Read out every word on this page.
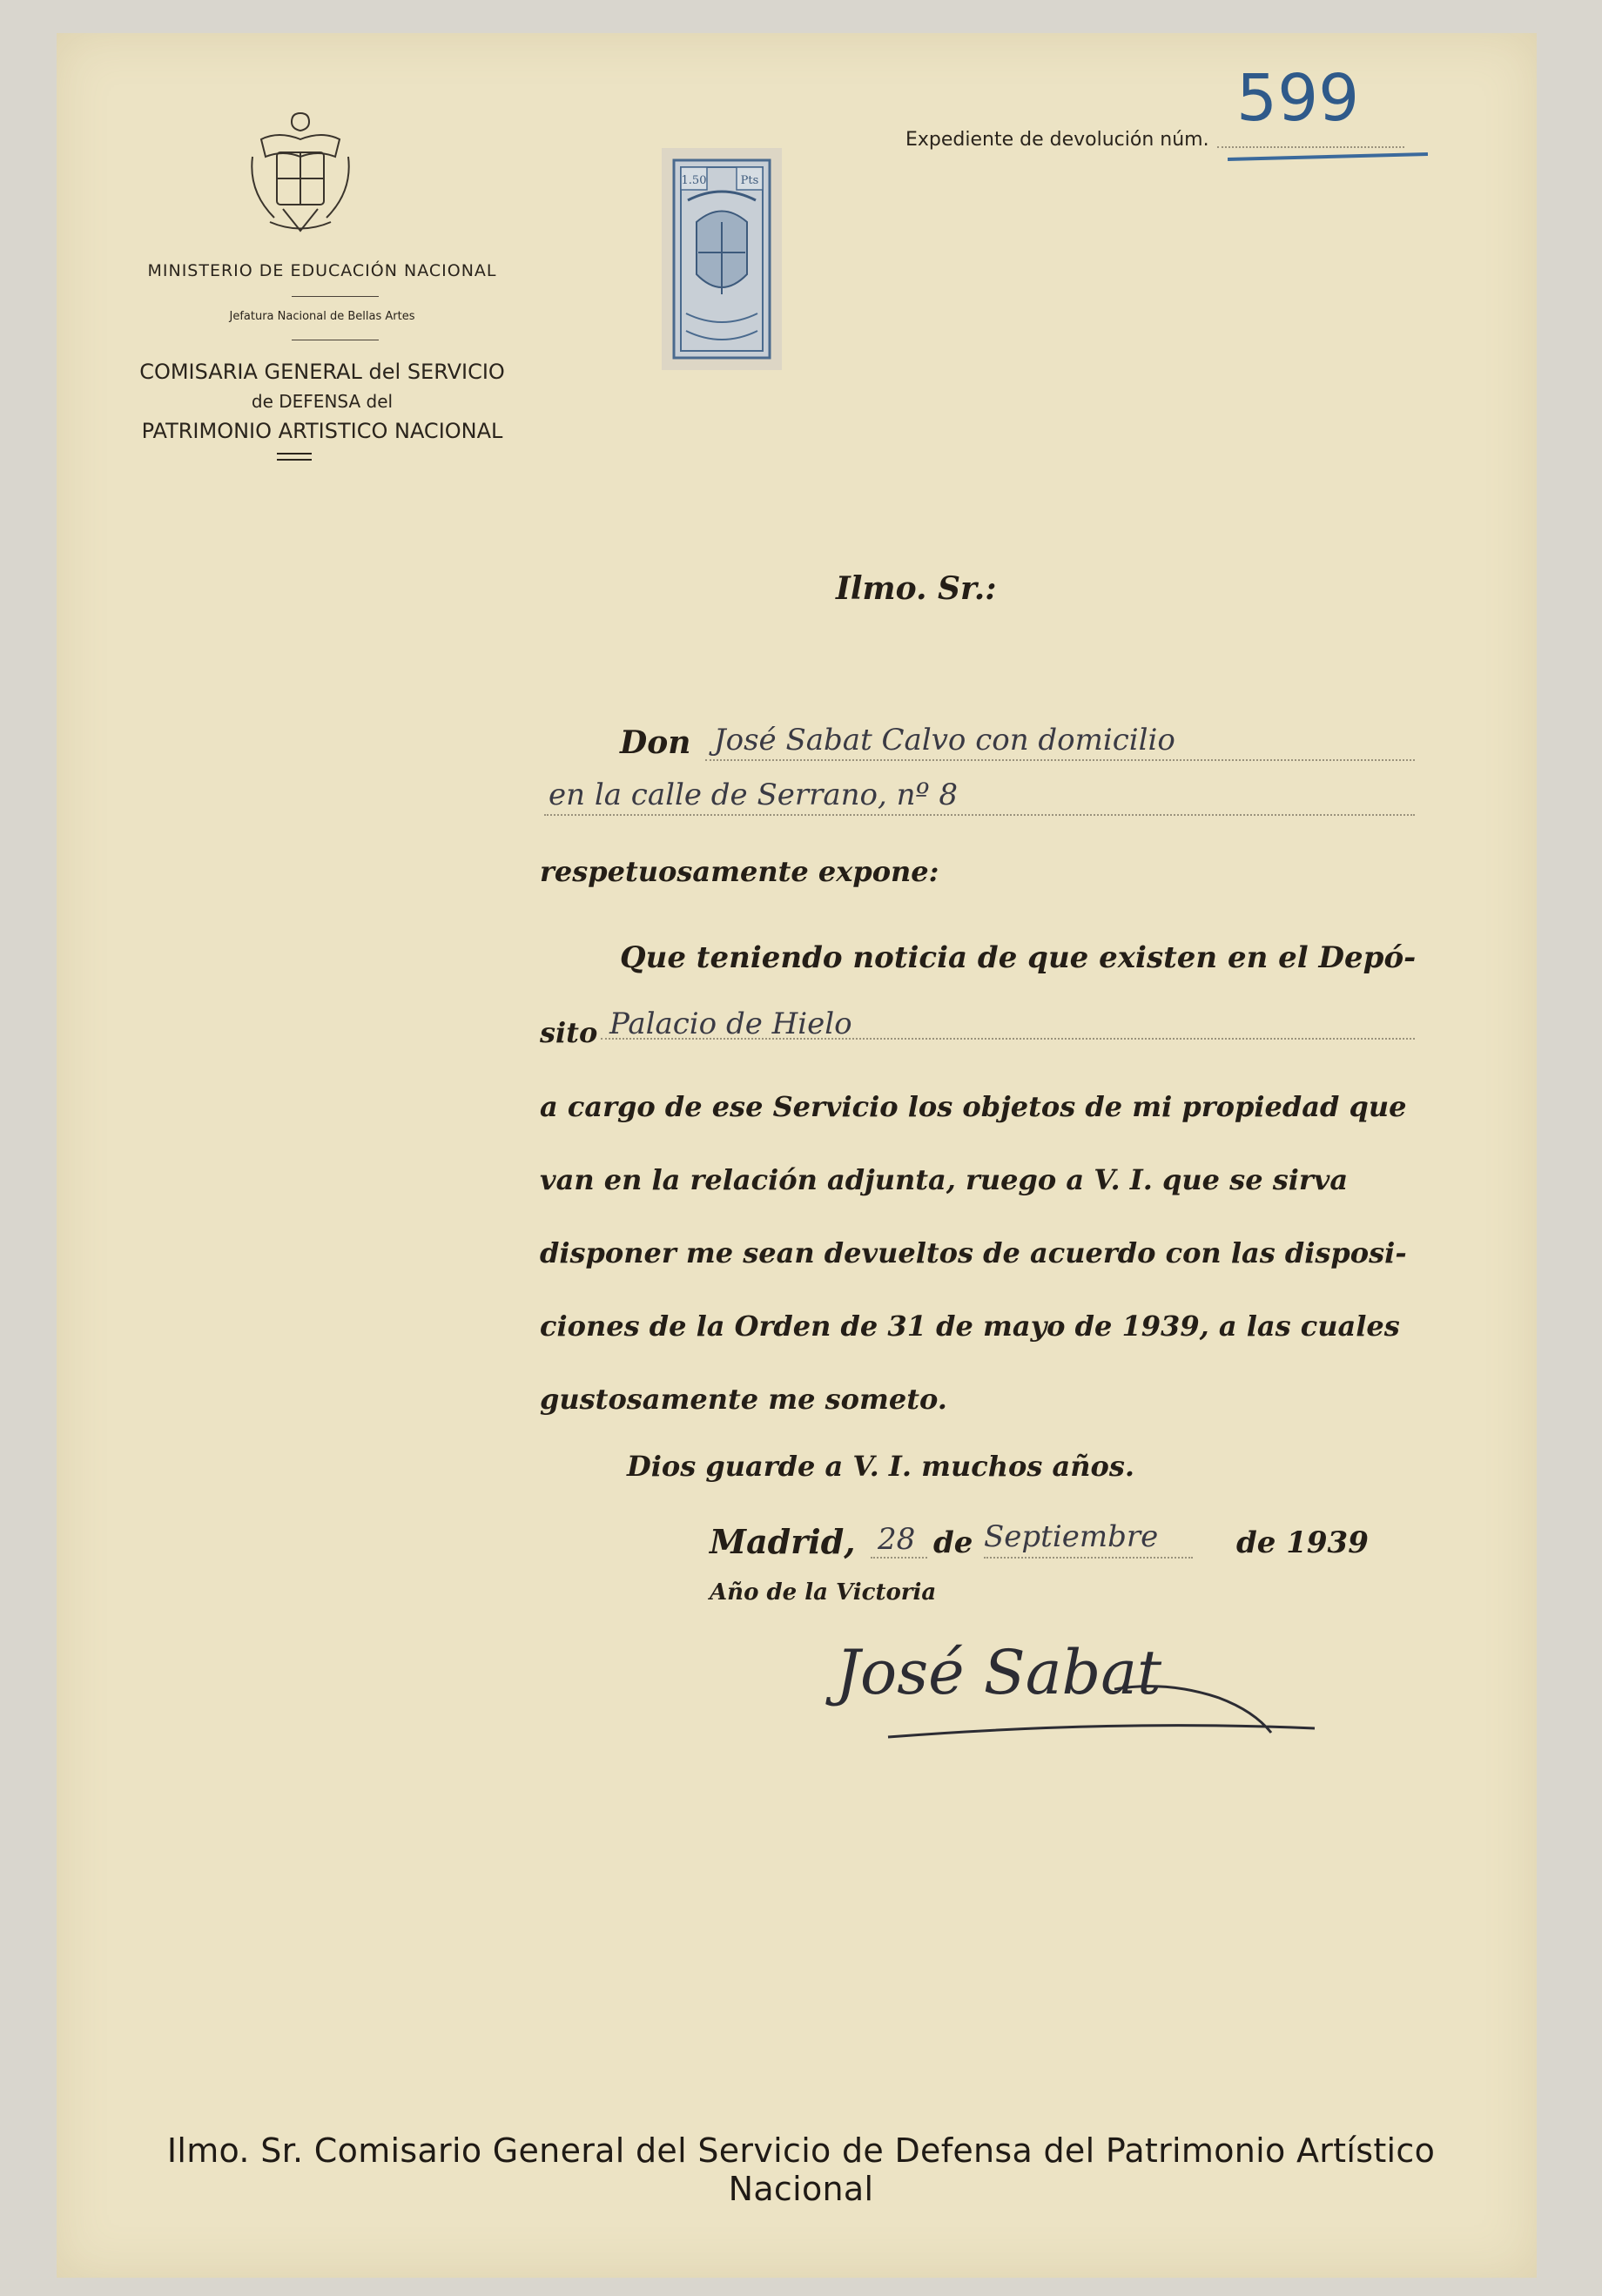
MINISTERIO DE EDUCACIÓN NACIONAL
Jefatura Nacional de Bellas Artes
COMISARIA GENERAL del SERVICIO
de DEFENSA del
PATRIMONIO ARTISTICO NACIONAL
Expediente de devolución núm.
599
1.50	Pts
Ilmo. Sr.:
Don José Sabat Calvo con domicilio
en la calle de Serrano, nº 8
respetuosamente expone:
Que teniendo noticia de que existen en el Depó-
sito Palacio de Hielo
a cargo de ese Servicio los objetos de mi propiedad que
van en la relación adjunta, ruego a V. I. que se sirva
disponer me sean devueltos de acuerdo con las disposi-
ciones de la Orden de 31 de mayo de 1939, a las cuales
gustosamente me someto.
Dios guarde a V. I. muchos años.
Madrid, 28 de Septiembre	de 1939
Año de la Victoria
José Sabat
Ilmo. Sr. Comisario General del Servicio de Defensa del Patrimonio Artístico Nacional
